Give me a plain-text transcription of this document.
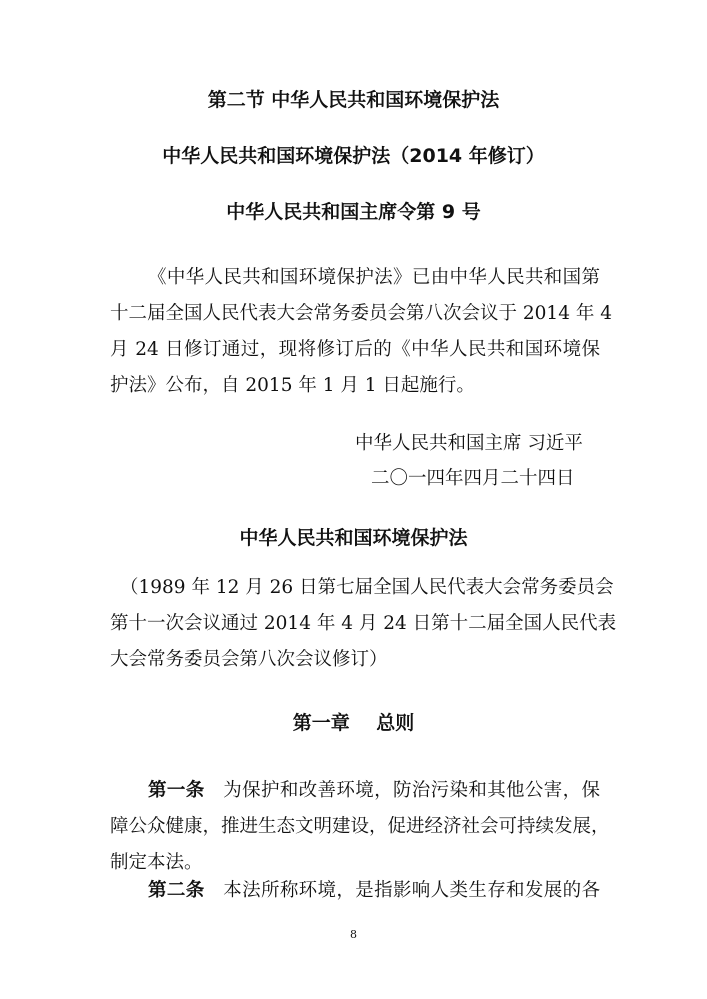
第二节 中华人民共和国环境保护法
中华人民共和国环境保护法（2014 年修订）
中华人民共和国主席令第 9 号
《中华人民共和国环境保护法》已由中华人民共和国第
十二届全国人民代表大会常务委员会第八次会议于 2014 年 4
月 24 日修订通过，现将修订后的《中华人民共和国环境保
护法》公布，自 2015 年 1 月 1 日起施行。
中华人民共和国主席 习近平
二〇一四年四月二十四日
中华人民共和国环境保护法
（1989 年 12 月 26 日第七届全国人民代表大会常务委员会
第十一次会议通过 2014 年 4 月 24 日第十二届全国人民代表
大会常务委员会第八次会议修订）
第一章    总则
第一条 为保护和改善环境，防治污染和其他公害，保
障公众健康，推进生态文明建设，促进经济社会可持续发展，
制定本法。
第二条 本法所称环境，是指影响人类生存和发展的各
8
